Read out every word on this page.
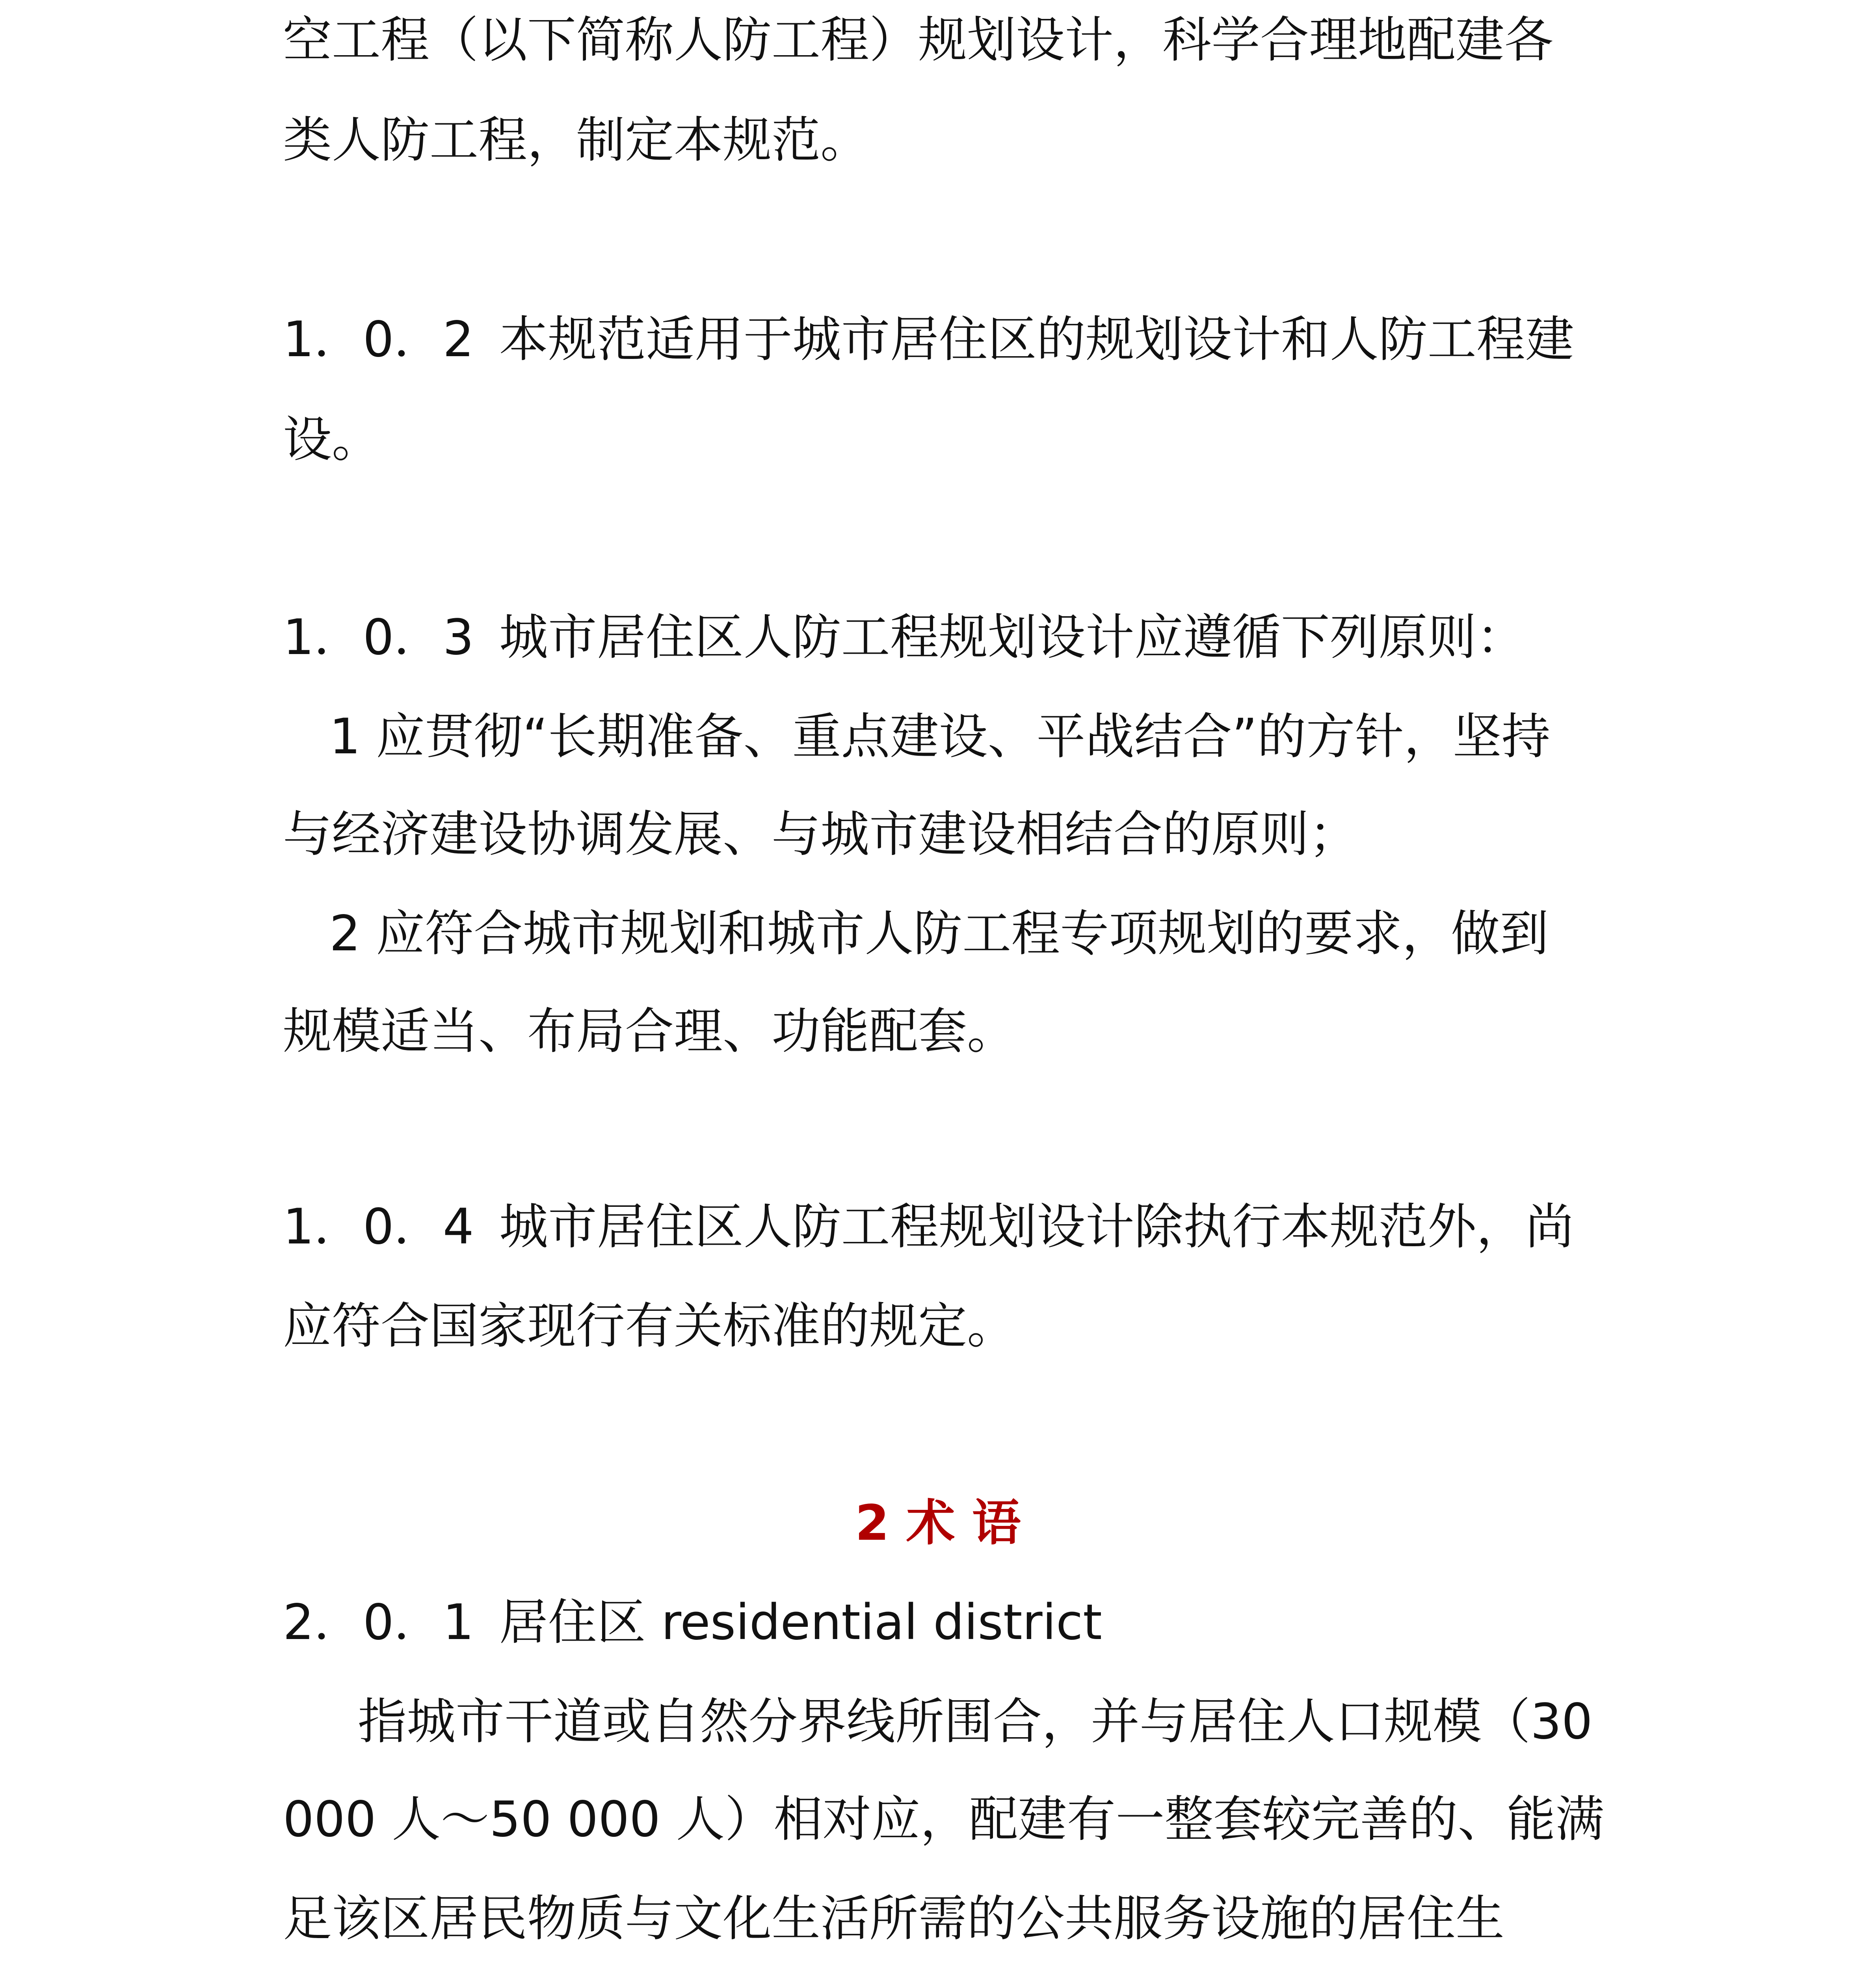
空工程（以下简称人防工程）规划设计，科学合理地配建各
类人防工程，制定本规范。
1．0．2 本规范适用于城市居住区的规划设计和人防工程建
设。
1．0．3 城市居住区人防工程规划设计应遵循下列原则：
1 应贯彻“长期准备、重点建设、平战结合”的方针，坚持
与经济建设协调发展、与城市建设相结合的原则；
2 应符合城市规划和城市人防工程专项规划的要求，做到
规模适当、布局合理、功能配套。
1．0．4 城市居住区人防工程规划设计除执行本规范外，尚
应符合国家现行有关标准的规定。
2 术 语
2．0．1 居住区 residential district
指城市干道或自然分界线所围合，并与居住人口规模（30
000 人～50 000 人）相对应，配建有一整套较完善的、能满
足该区居民物质与文化生活所需的公共服务设施的居住生
